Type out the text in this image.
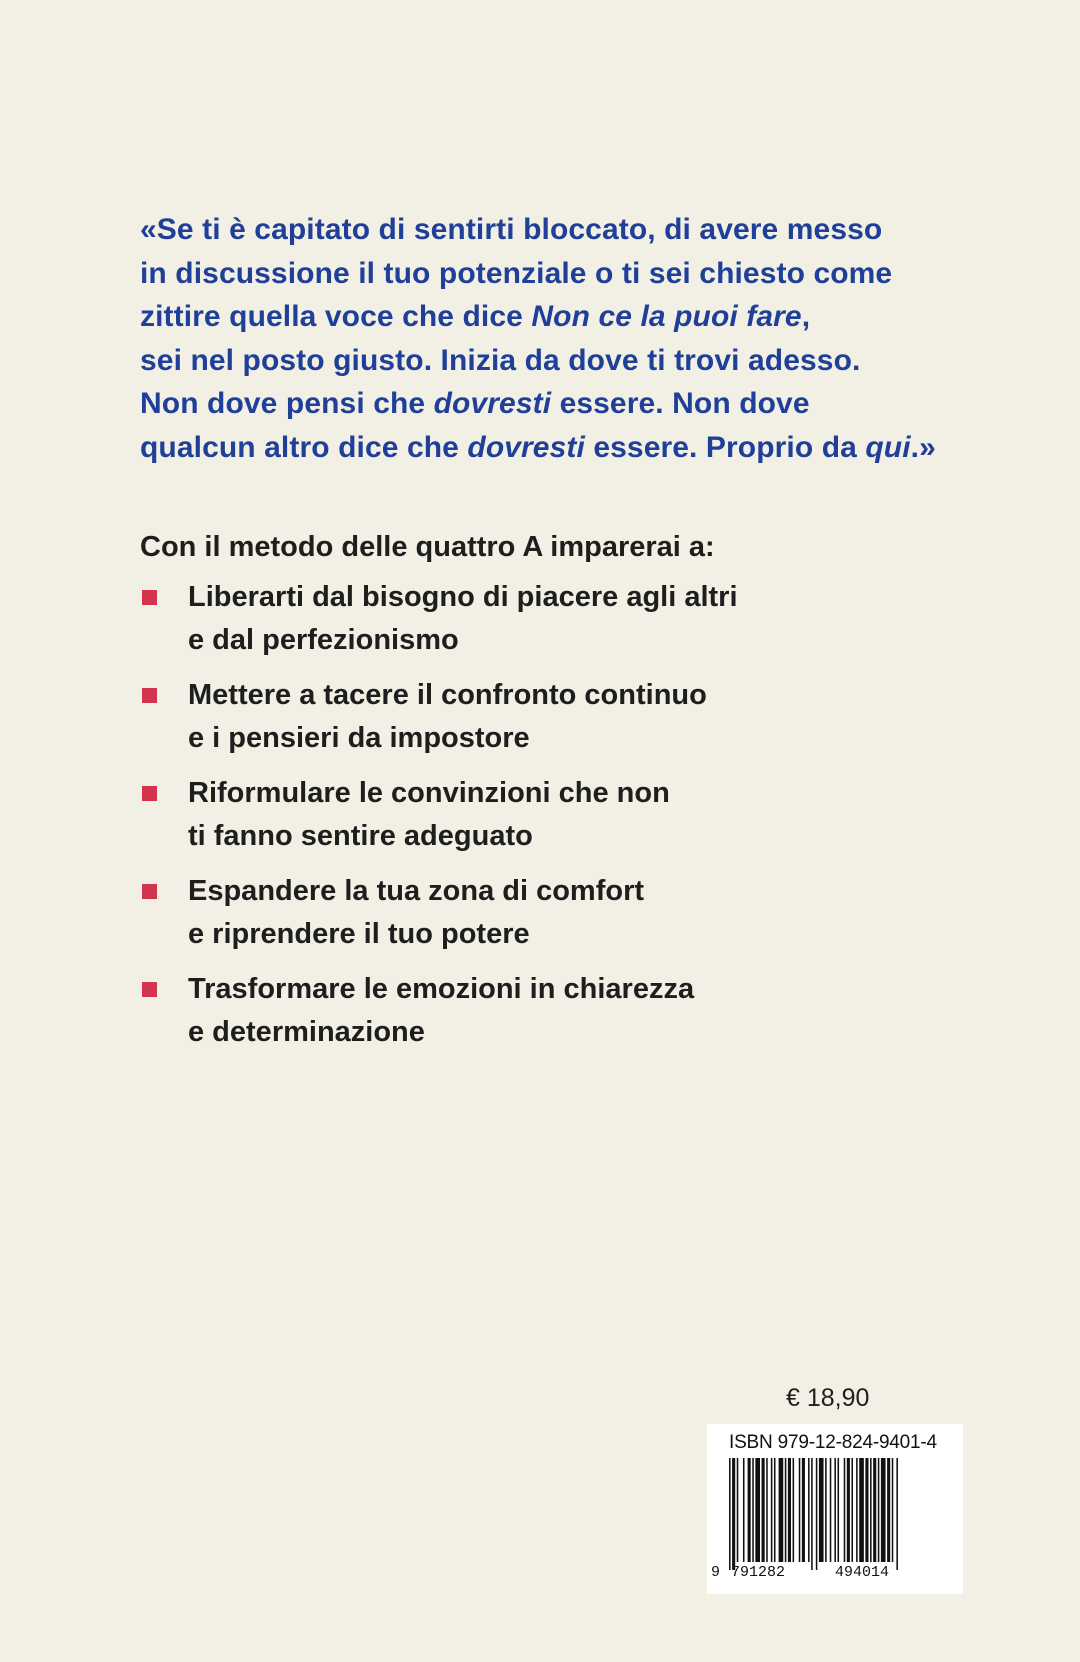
«Se ti è capitato di sentirti bloccato, di avere messo
in discussione il tuo potenziale o ti sei chiesto come
zittire quella voce che dice Non ce la puoi fare,
sei nel posto giusto. Inizia da dove ti trovi adesso.
Non dove pensi che dovresti essere. Non dove
qualcun altro dice che dovresti essere. Proprio da qui.»
Con il metodo delle quattro A imparerai a:
Liberarti dal bisogno di piacere agli altri
e dal perfezionismo
Mettere a tacere il confronto continuo
e i pensieri da impostore
Riformulare le convinzioni che non
ti fanno sentire adeguato
Espandere la tua zona di comfort
e riprendere il tuo potere
Trasformare le emozioni in chiarezza
e determinazione
€ 18,90
ISBN 979-12-824-9401-4
9 791282	494014
